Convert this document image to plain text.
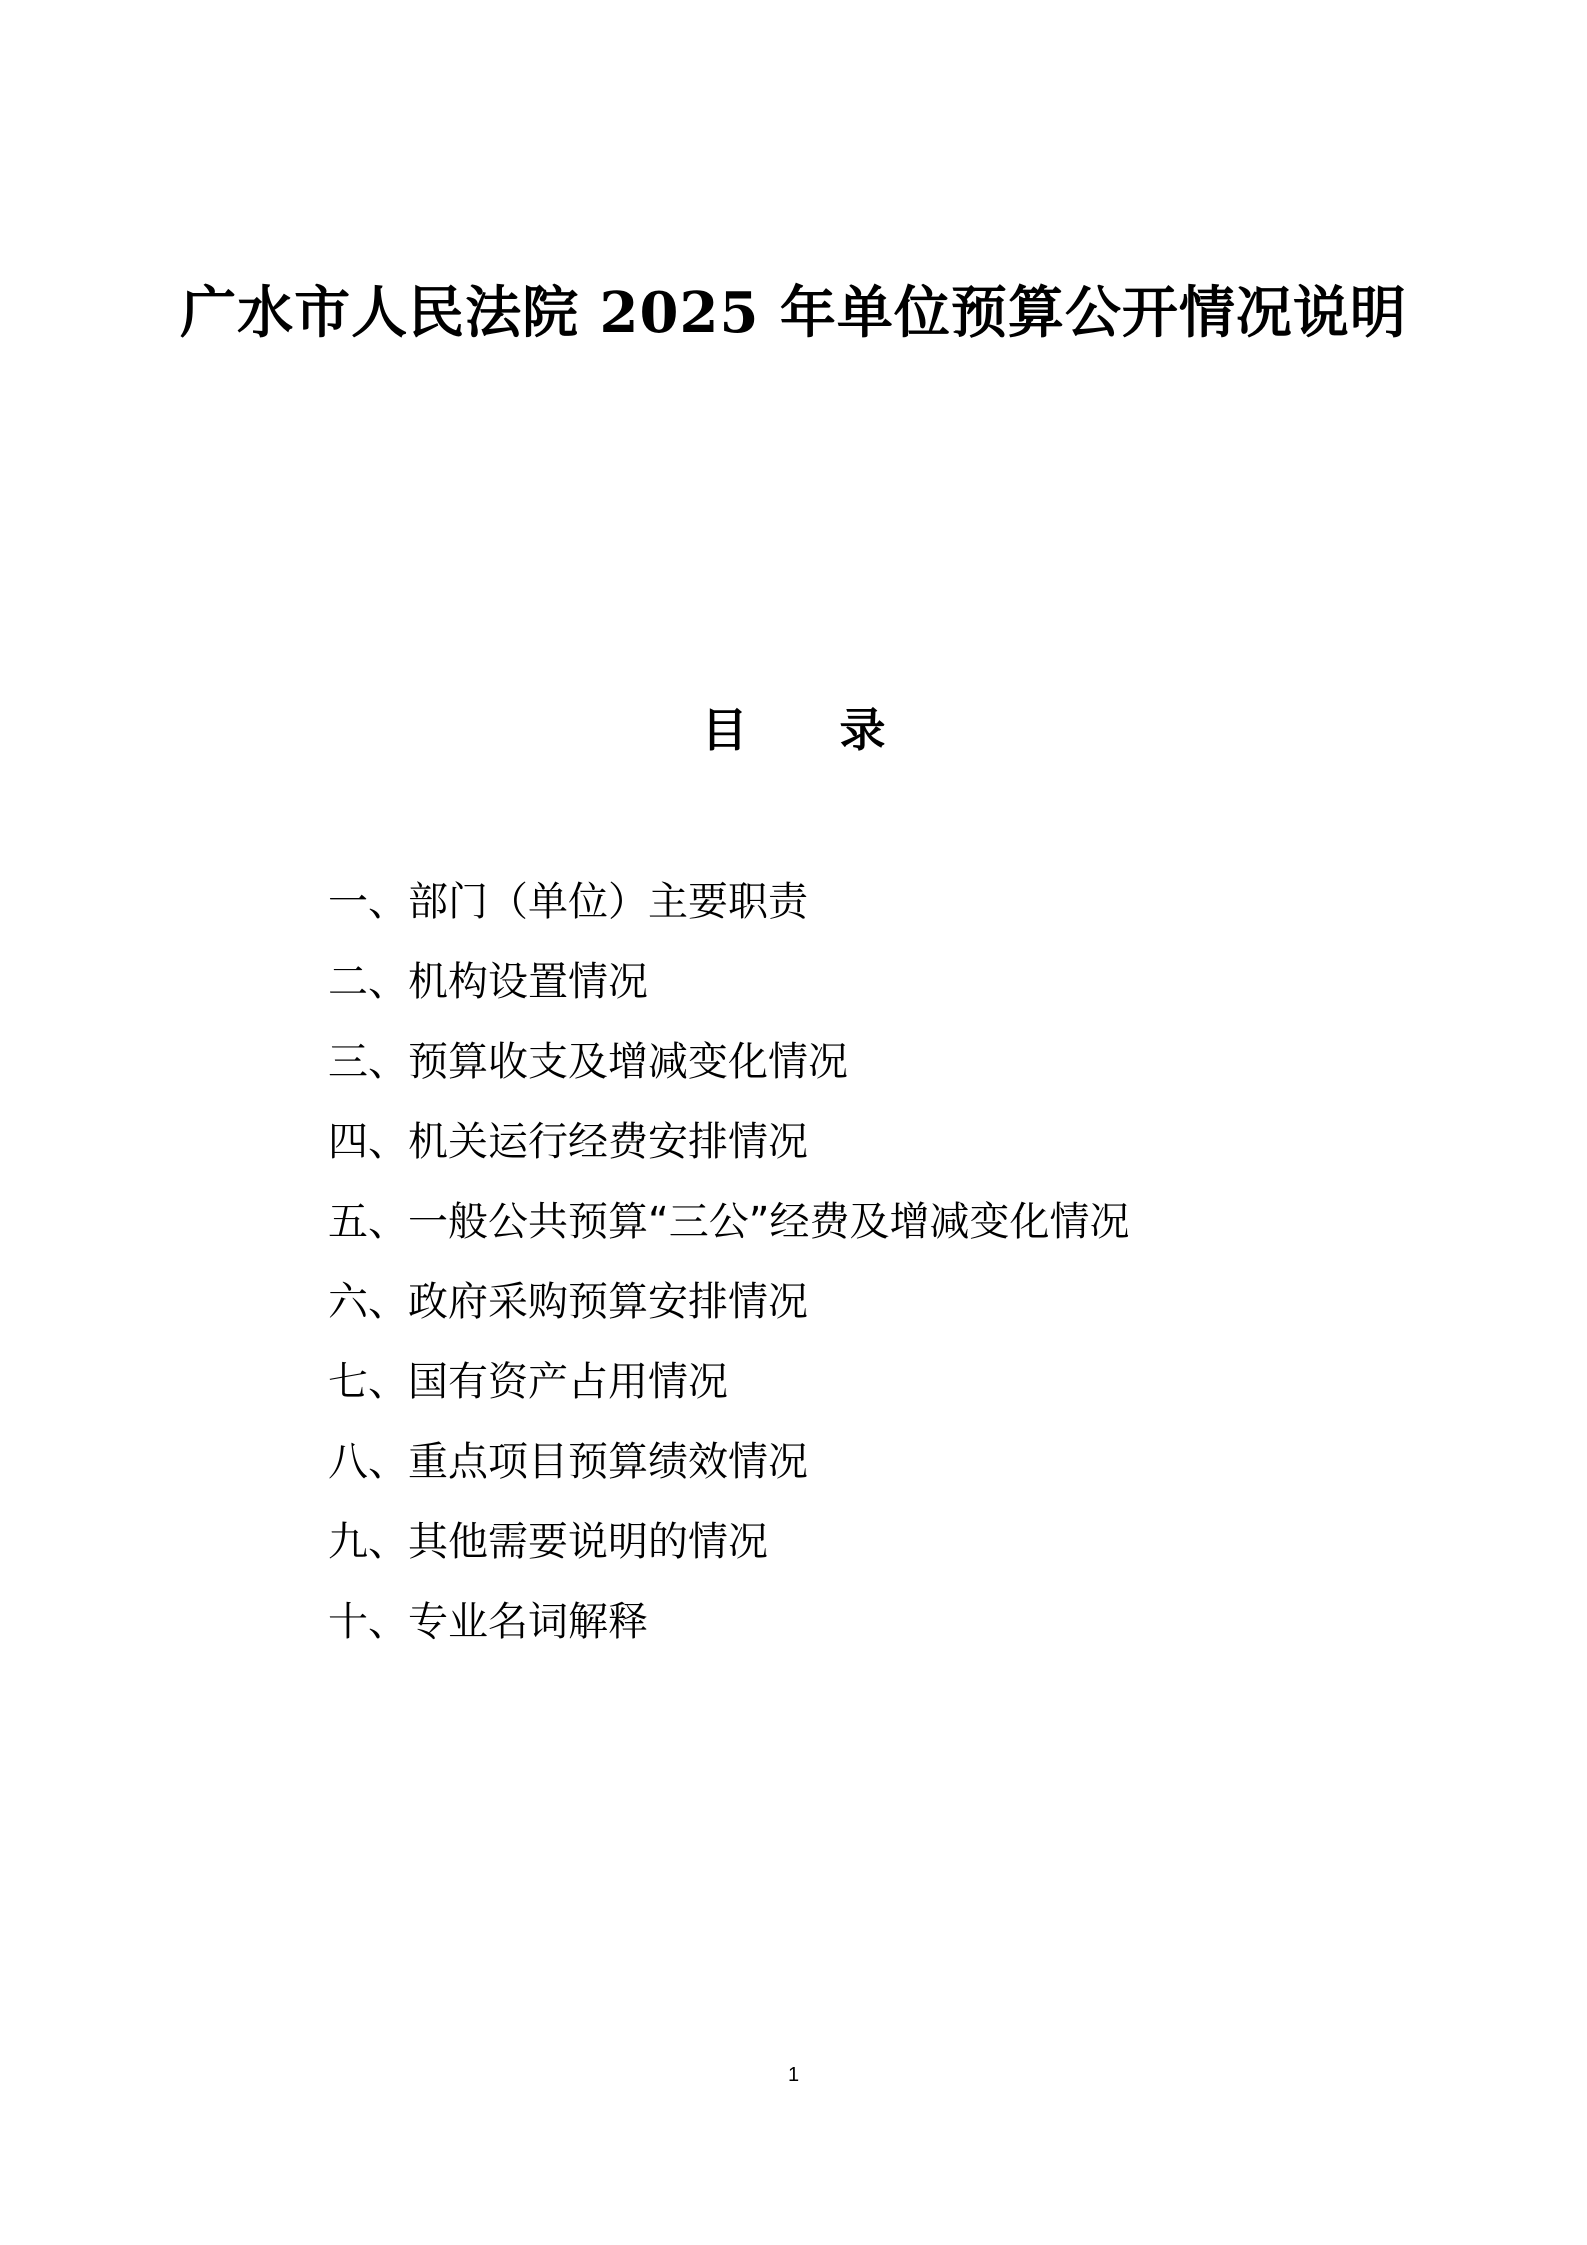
广水市人民法院 2025 年单位预算公开情况说明
目　　录
一、部门（单位）主要职责
二、机构设置情况
三、预算收支及增减变化情况
四、机关运行经费安排情况
五、一般公共预算“三公”经费及增减变化情况
六、政府采购预算安排情况
七、国有资产占用情况
八、重点项目预算绩效情况
九、其他需要说明的情况
十、专业名词解释
1
